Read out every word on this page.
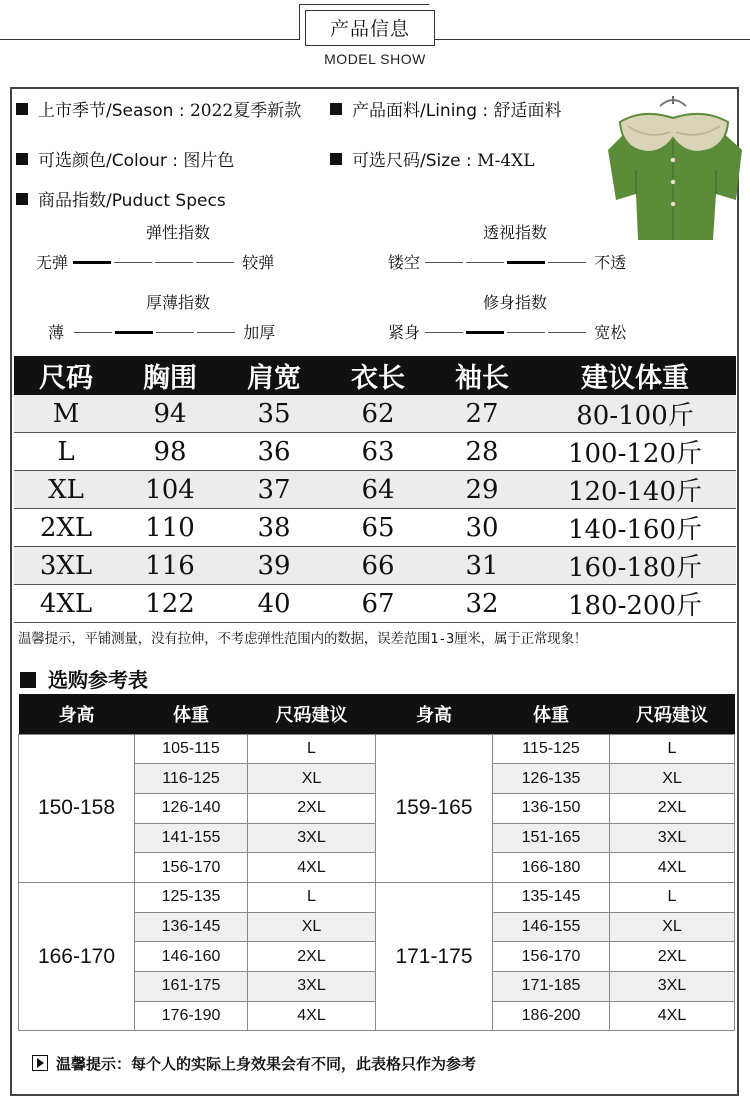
产品信息
MODEL SHOW
上市季节/Season : 2022夏季新款	产品面料/Lining : 舒适面料
可选颜色/Colour : 图片色	可选尺码/Size : M-4XL
商品指数/Puduct Specs
弹性指数
无弹	较弹
透视指数
镂空	不透
厚薄指数
薄	加厚
修身指数
紧身	宽松
尺码	胸围	肩宽	衣长	袖长	建议体重
M	94	35	62	27	80-100斤
L	98	36	63	28	100-120斤
XL	104	37	64	29	120-140斤
2XL	110	38	65	30	140-160斤
3XL	116	39	66	31	160-180斤
4XL	122	40	67	32	180-200斤
温馨提示，平铺测量，没有拉伸，不考虑弹性范围内的数据，误差范围1-3厘米，属于正常现象！
选购参考表
身高	体重	尺码建议	身高	体重	尺码建议
150-158	105-115	L	159-165	115-125	L
	116-125	XL		126-135	XL
	126-140	2XL		136-150	2XL
	141-155	3XL		151-165	3XL
	156-170	4XL		166-180	4XL
166-170	125-135	L	171-175	135-145	L
	136-145	XL		146-155	XL
	146-160	2XL		156-170	2XL
	161-175	3XL		171-185	3XL
	176-190	4XL		186-200	4XL
温馨提示：每个人的实际上身效果会有不同，此表格只作为参考
